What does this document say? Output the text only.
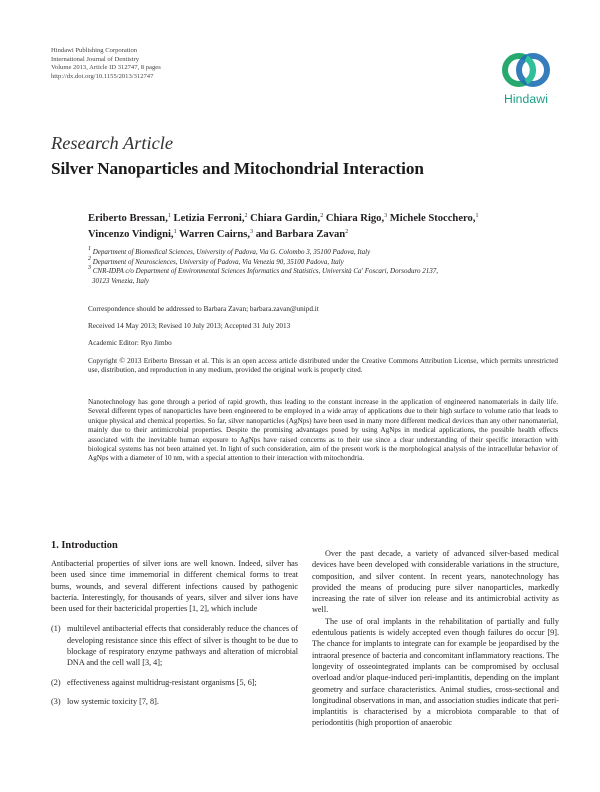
Hindawi Publishing Corporation
International Journal of Dentistry
Volume 2013, Article ID 312747, 8 pages
http://dx.doi.org/10.1155/2013/312747
Hindawi
Research Article
Silver Nanoparticles and Mitochondrial Interaction
Eriberto Bressan,$^1$ Letizia Ferroni,$^2$ Chiara Gardin,$^2$ Chiara Rigo,$^3$ Michele Stocchero,$^1$
Vincenzo Vindigni,$^1$ Warren Cairns,$^3$ and Barbara Zavan$^2$
$^1$ Department of Biomedical Sciences, University of Padova, Via G. Colombo 3, 35100 Padova, Italy
$^2$ Department of Neurosciences, University of Padova, Via Venezia 90, 35100 Padova, Italy
$^3$ CNR-IDPA c/o Department of Environmental Sciences Informatics and Statistics, Università Ca' Foscari, Dorsoduro 2137,
30123 Venezia, Italy
Correspondence should be addressed to Barbara Zavan; barbara.zavan@unipd.it
Received 14 May 2013; Revised 10 July 2013; Accepted 31 July 2013
Academic Editor: Ryo Jimbo
Copyright © 2013 Eriberto Bressan et al. This is an open access article distributed under the Creative Commons Attribution License, which permits unrestricted use, distribution, and reproduction in any medium, provided the original work is properly cited.
Nanotechnology has gone through a period of rapid growth, thus leading to the constant increase in the application of engineered nanomaterials in daily life. Several different types of nanoparticles have been engineered to be employed in a wide array of applications due to their high surface to volume ratio that leads to unique physical and chemical properties. So far, silver nanoparticles (AgNps) have been used in many more different medical devices than any other nanomaterial, mainly due to their antimicrobial properties. Despite the promising advantages posed by using AgNps in medical applications, the possible health effects associated with the inevitable human exposure to AgNps have raised concerns as to their use since a clear understanding of their specific interaction with biological systems has not been attained yet. In light of such consideration, aim of the present work is the morphological analysis of the intracellular behavior of AgNps with a diameter of 10 nm, with a special attention to their interaction with mitochondria.
1. Introduction

Antibacterial properties of silver ions are well known. Indeed, silver has been used since time immemorial in different chemical forms to treat burns, wounds, and several different infections caused by pathogenic bacteria. Interestingly, for thousands of years, silver and silver ions have been used for their bactericidal properties [1, 2], which include

(1) multilevel antibacterial effects that considerably reduce the chances of developing resistance since this effect of silver is thought to be due to blockage of respiratory enzyme pathways and alteration of microbial DNA and the cell wall [3, 4];
(2) effectiveness against multidrug-resistant organisms [5, 6];
(3) low systemic toxicity [7, 8].

Over the past decade, a variety of advanced silver-based medical devices have been developed with considerable variations in the structure, composition, and silver content. In recent years, nanotechnology has provided the means of producing pure silver nanoparticles, markedly increasing the rate of silver ion release and its antimicrobial activity as well.

The use of oral implants in the rehabilitation of partially and fully edentulous patients is widely accepted even though failures do occur [9]. The chance for implants to integrate can for example be jeopardised by the intraoral presence of bacteria and concomitant inflammatory reactions. The longevity of osseointegrated implants can be compromised by occlusal overload and/or plaque-induced peri-implantitis, depending on the implant geometry and surface characteristics. Animal studies, cross-sectional and longitudinal observations in man, and association studies indicate that peri-implantitis is characterised by a microbiota comparable to that of periodontitis (high proportion of anaerobic
